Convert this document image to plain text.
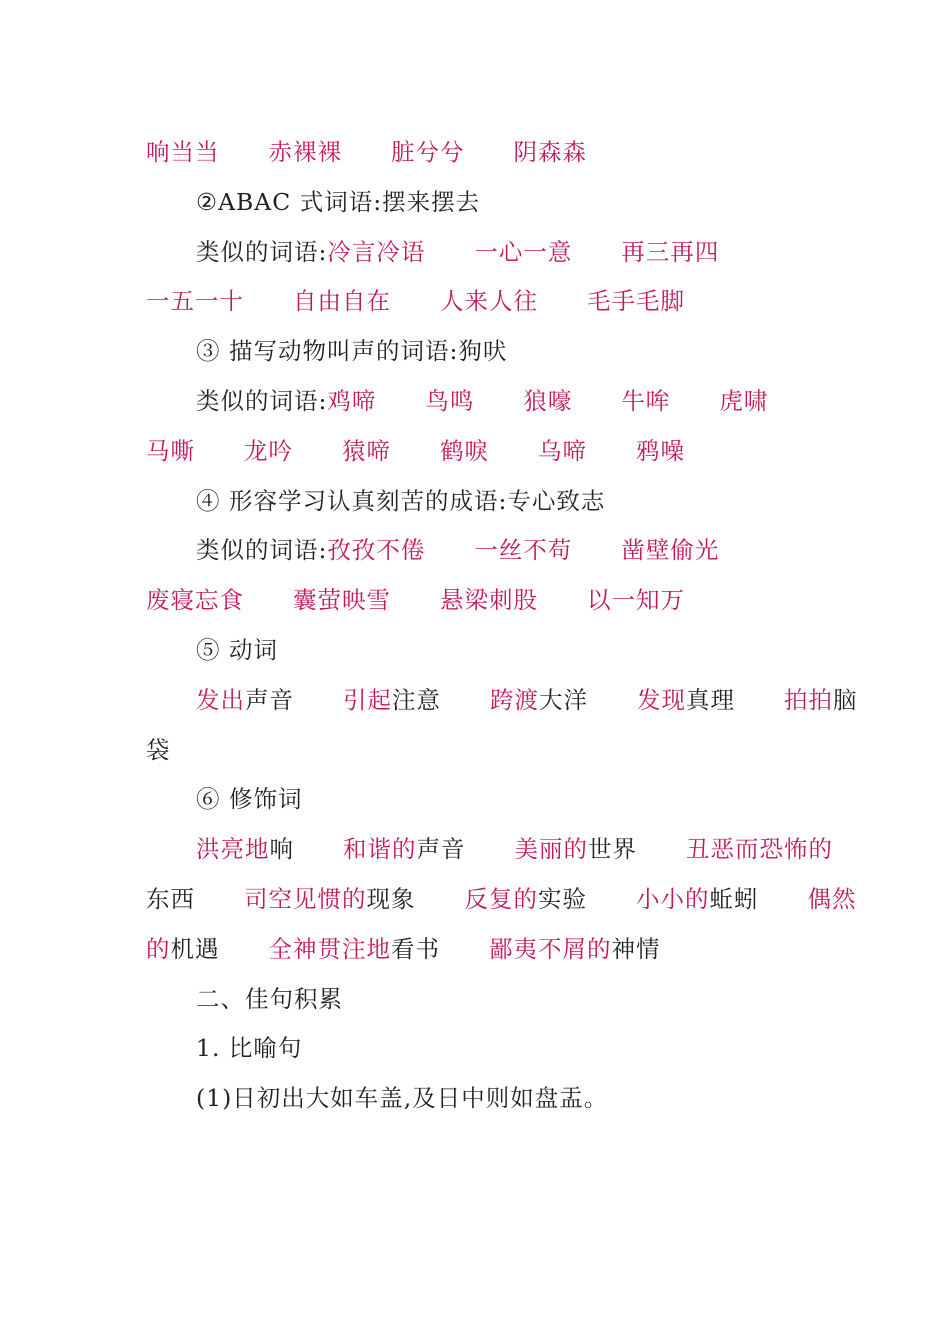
响当当　　赤裸裸　　脏兮兮　　阴森森
②ABAC 式词语:摆来摆去
类似的词语:冷言冷语　　一心一意　　再三再四
一五一十　　自由自在　　人来人往　　毛手毛脚
③ 描写动物叫声的词语:狗吠
类似的词语:鸡啼　　鸟鸣　　狼嚎　　牛哞　　虎啸
马嘶　　龙吟　　猿啼　　鹤唳　　乌啼　　鸦噪
④ 形容学习认真刻苦的成语:专心致志
类似的词语:孜孜不倦　　一丝不苟　　凿壁偷光
废寝忘食　　囊萤映雪　　悬梁刺股　　以一知万
⑤ 动词
发出声音　　引起注意　　跨渡大洋　　发现真理　　拍拍脑
袋
⑥ 修饰词
洪亮地响　　和谐的声音　　美丽的世界　　丑恶而恐怖的
东西　　司空见惯的现象　　反复的实验　　小小的蚯蚓　　偶然
的机遇　　全神贯注地看书　　鄙夷不屑的神情
二、佳句积累
1. 比喻句
(1)日初出大如车盖,及日中则如盘盂。
